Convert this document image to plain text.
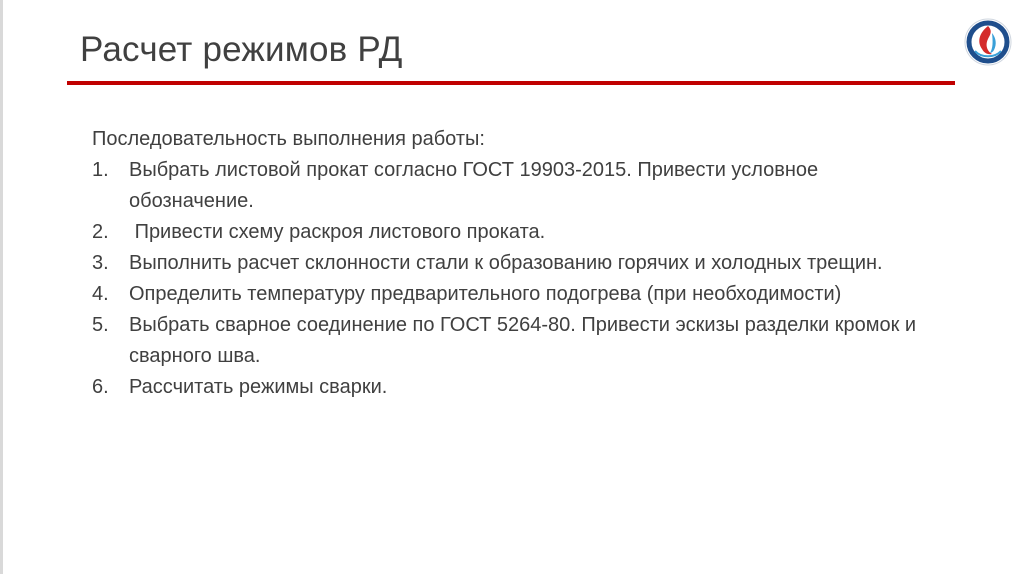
Расчет режимов РД
Последовательность выполнения работы:
1.	Выбрать листовой прокат согласно ГОСТ 19903-2015. Привести условное обозначение.
2.	Привести схему раскроя листового проката.
3.	Выполнить расчет склонности стали к образованию горячих и холодных трещин.
4.	Определить температуру предварительного подогрева (при необходимости)
5.	Выбрать сварное соединение по ГОСТ 5264-80. Привести эскизы разделки кромок и сварного шва.
6.	Рассчитать режимы сварки.
